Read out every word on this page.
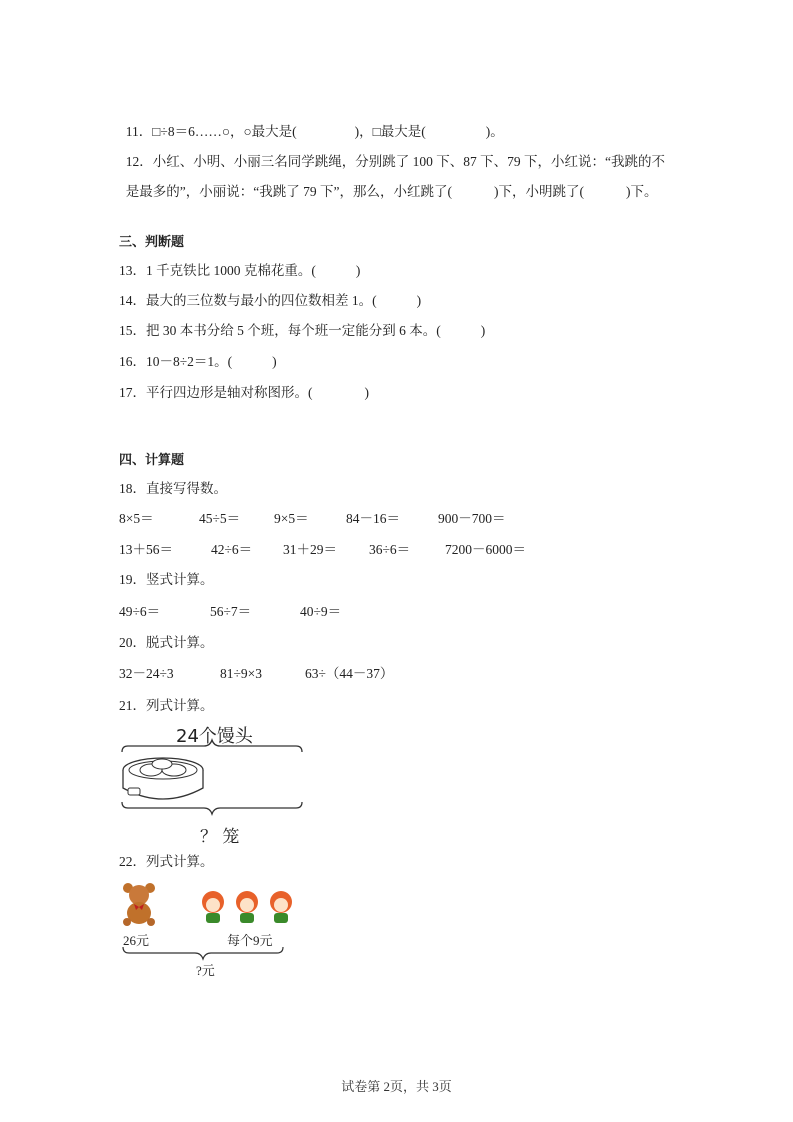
11．□÷8＝6……○，○最大是(	)，□最大是(	)。

12．小红、小明、小丽三名同学跳绳，分别跳了 100 下、87 下、79 下，小红说：“我跳的不

是最多的”，小丽说：“我跳了 79 下”，那么，小红跳了(	)下，小明跳了(	)下。

三、判断题
13．1 千克铁比 1000 克棉花重。(	)
14．最大的三位数与最小的四位数相差 1。(	)
15．把 30 本书分给 5 个班，每个班一定能分到 6 本。(	)
16．10－8÷2＝1。(	)
17．平行四边形是轴对称图形。(	)
四、计算题
18．直接写得数。
8×5＝	45÷5＝	9×5＝	84－16＝	900－700＝
13＋56＝	42÷6＝ 31＋29＝ 36÷6＝	7200－6000＝
19．竖式计算。
49÷6＝	56÷7＝	40÷9＝
20．脱式计算。
32－24÷3	81÷9×3	63÷（44－37）
21．列式计算。
24个馒头
？ 笼
22．列式计算。
26元	每个9元
?元
试卷第 2页，共 3页
